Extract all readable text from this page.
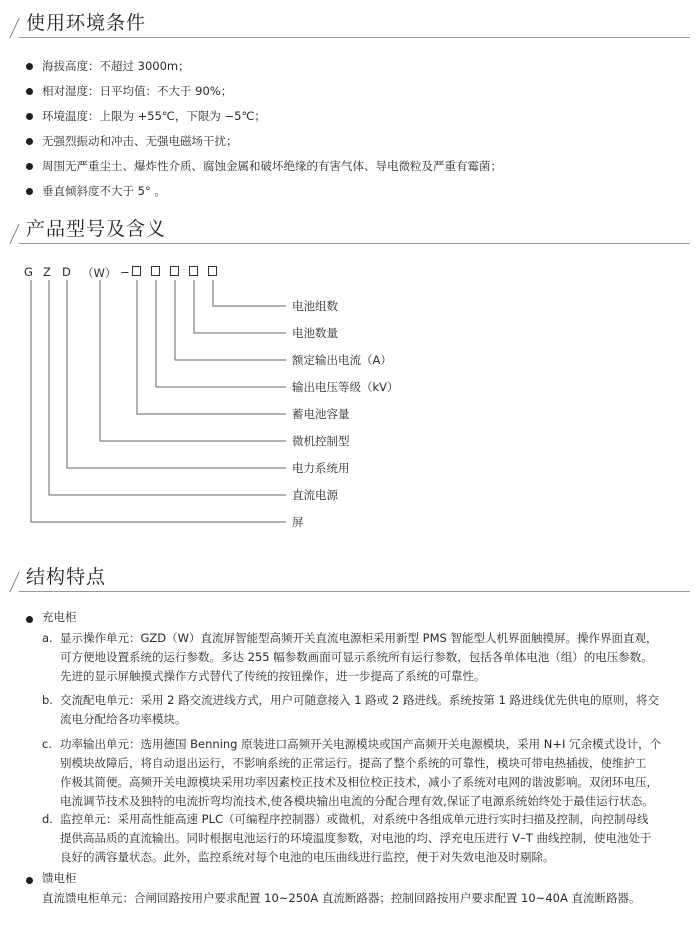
使用环境条件
海拔高度：不超过 3000m；
相对湿度：日平均值：不大于 90%；
环境温度：上限为 +55℃，下限为 −5℃；
无强烈振动和冲击、无强电磁场干扰；
周围无严重尘土、爆炸性介质、腐蚀金属和破坏绝缘的有害气体、导电微粒及严重有霉菌；
垂直倾斜度不大于 5° 。
产品型号及含义
G Z D （W） −
电池组数
电池数量
额定输出电流（A）
输出电压等级（kV）
蓄电池容量
微机控制型
电力系统用
直流电源
屏
结构特点
充电柜
a. 显示操作单元：GZD（W）直流屏智能型高频开关直流电源柜采用新型 PMS 智能型人机界面触摸屏。操作界面直观，
可方便地设置系统的运行参数。多达 255 幅参数画面可显示系统所有运行参数，包括各单体电池（组）的电压参数。
先进的显示屏触摸式操作方式替代了传统的按钮操作，进一步提高了系统的可靠性。
b. 交流配电单元：采用 2 路交流进线方式，用户可随意接入 1 路或 2 路进线。系统按第 1 路进线优先供电的原则，将交
流电分配给各功率模块。
c. 功率输出单元：选用德国 Benning 原装进口高频开关电源模块或国产高频开关电源模块，采用 N+I 冗余模式设计，个
别模块故障后，将自动退出运行，不影响系统的正常运行。提高了整个系统的可靠性，模块可带电热插拔，使维护工
作极其简便。高频开关电源模块采用功率因素校正技术及相位校正技术，减小了系统对电网的谐波影响。双闭环电压，
电流调节技术及独特的电流折弯均流技术,使各模块输出电流的分配合理有效,保证了电源系统始终处于最佳运行状态。
d. 监控单元：采用高性能高速 PLC（可编程序控制器）或微机，对系统中各组成单元进行实时扫描及控制，向控制母线
提供高品质的直流输出。同时根据电池运行的环境温度参数，对电池的均、浮充电压进行 V–T 曲线控制，使电池处于
良好的满容量状态。此外，监控系统对每个电池的电压曲线进行监控，便于对失效电池及时剔除。
馈电柜
直流馈电柜单元：合闸回路按用户要求配置 10~250A 直流断路器；控制回路按用户要求配置 10~40A 直流断路器。
